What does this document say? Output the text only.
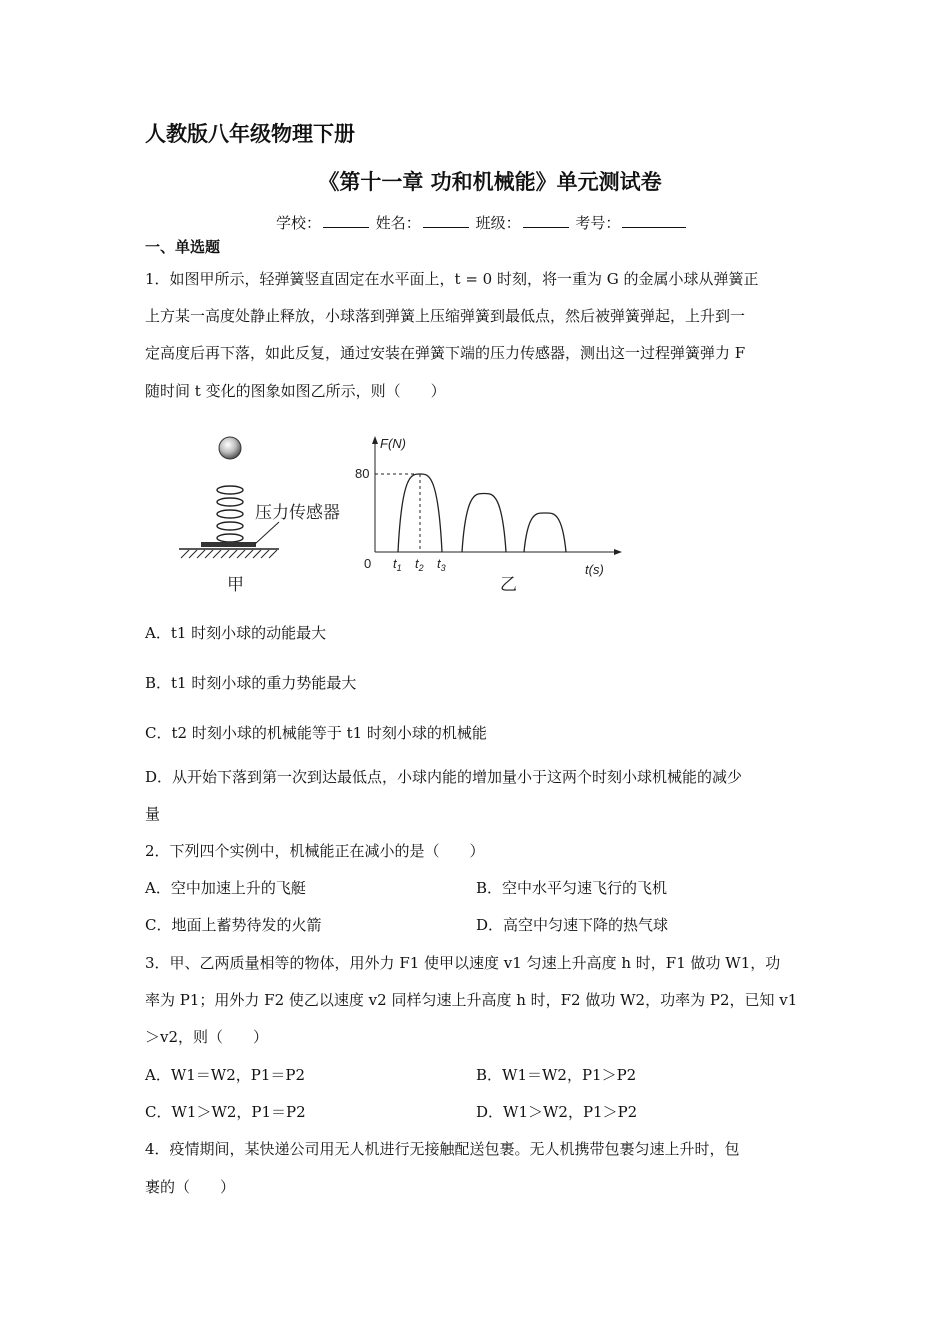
人教版八年级物理下册
《第十一章 功和机械能》单元测试卷
学校：	姓名：	班级：	考号：
一、单选题
1．如图甲所示，轻弹簧竖直固定在水平面上，t = 0 时刻，将一重为 G 的金属小球从弹簧正
上方某一高度处静止释放，小球落到弹簧上压缩弹簧到最低点，然后被弹簧弹起，上升到一
定高度后再下落，如此反复，通过安装在弹簧下端的压力传感器，测出这一过程弹簧弹力 F
随时间 t 变化的图象如图乙所示，则（　　）
压力传感器
甲
F(N)
t(s)
80
0 $t_1$ $t_2$ $t_3$
乙
A．t1 时刻小球的动能最大
B．t1 时刻小球的重力势能最大
C．t2 时刻小球的机械能等于 t1 时刻小球的机械能
D．从开始下落到第一次到达最低点，小球内能的增加量小于这两个时刻小球机械能的减少
量
2．下列四个实例中，机械能正在减小的是（　　）
A．空中加速上升的飞艇	B．空中水平匀速飞行的飞机
C．地面上蓄势待发的火箭	D．高空中匀速下降的热气球
3．甲、乙两质量相等的物体，用外力 F1 使甲以速度 v1 匀速上升高度 h 时，F1 做功 W1，功
率为 P1；用外力 F2 使乙以速度 v2 同样匀速上升高度 h 时，F2 做功 W2，功率为 P2，已知 v1
＞v2，则（　　）
A．W1＝W2，P1＝P2	B．W1＝W2，P1＞P2
C．W1＞W2，P1＝P2	D．W1＞W2，P1＞P2
4．疫情期间，某快递公司用无人机进行无接触配送包裹。无人机携带包裹匀速上升时，包
裹的（　　）
